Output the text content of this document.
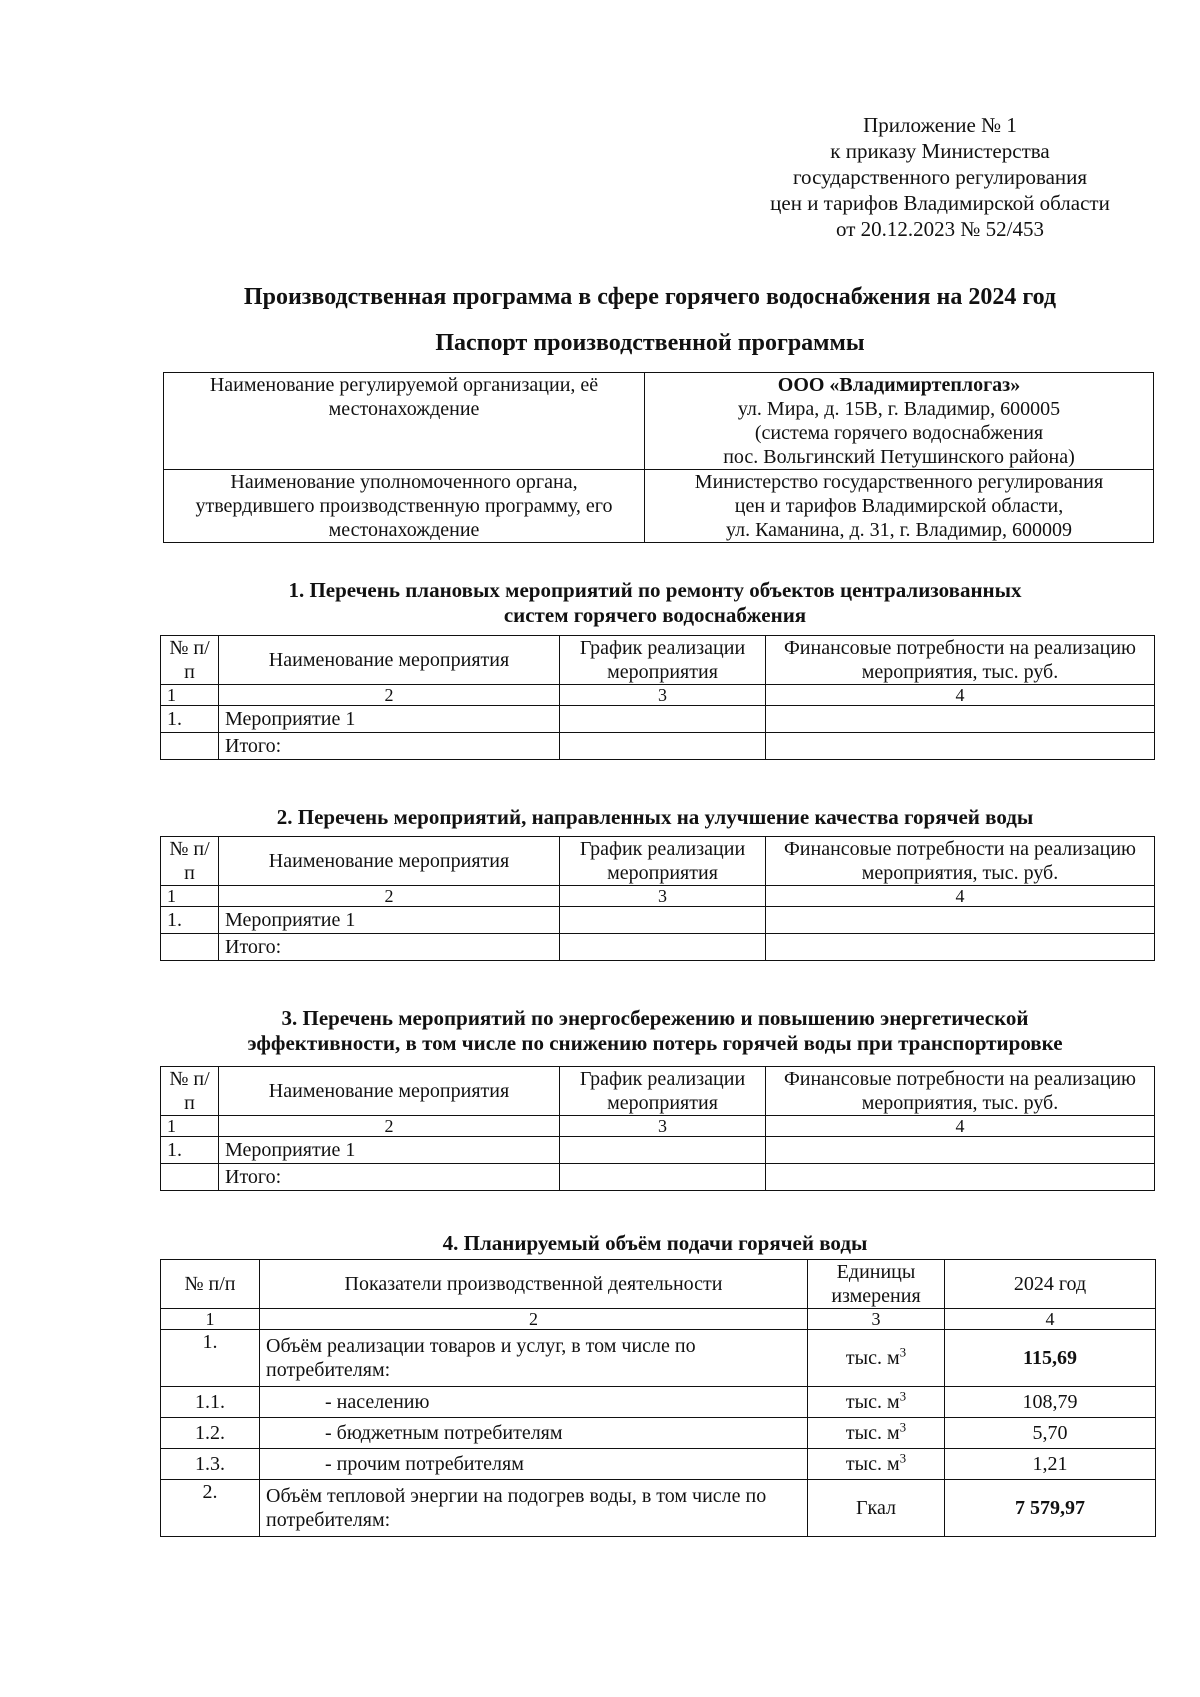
Приложение № 1
к приказу Министерства
государственного регулирования
цен и тарифов Владимирской области
от 20.12.2023 № 52/453
Производственная программа в сфере горячего водоснабжения на 2024 год
Паспорт производственной программы
Наименование регулируемой организации, её местонахождение	ООО «Владимиртеплогаз»
ул. Мира, д. 15В, г. Владимир, 600005
(система горячего водоснабжения
пос. Вольгинский Петушинского района)

Наименование уполномоченного органа, утвердившего производственную программу, его местонахождение	Министерство государственного регулирования
цен и тарифов Владимирской области,
ул. Каманина, д. 31, г. Владимир, 600009
1. Перечень плановых мероприятий по ремонту объектов централизованных
систем горячего водоснабжения
№ п/п	Наименование мероприятия	График реализации мероприятия	Финансовые потребности на реализацию мероприятия, тыс. руб.
1	2	3	4
1.	Мероприятие 1		
	Итого:		
2. Перечень мероприятий, направленных на улучшение качества горячей воды
№ п/п	Наименование мероприятия	График реализации мероприятия	Финансовые потребности на реализацию мероприятия, тыс. руб.
1	2	3	4
1.	Мероприятие 1		
	Итого:		
3. Перечень мероприятий по энергосбережению и повышению энергетической
эффективности, в том числе по снижению потерь горячей воды при транспортировке
№ п/п	Наименование мероприятия	График реализации мероприятия	Финансовые потребности на реализацию мероприятия, тыс. руб.
1	2	3	4
1.	Мероприятие 1		
	Итого:		
4. Планируемый объём подачи горячей воды
№ п/п	Показатели производственной деятельности	Единицы измерения	2024 год
1	2	3	4
1.	Объём реализации товаров и услуг, в том числе по потребителям:	тыс. $м^3$	115,69
1.1.	- населению	тыс. $м^3$	108,79
1.2.	- бюджетным потребителям	тыс. $м^3$	5,70
1.3.	- прочим потребителям	тыс. $м^3$	1,21
2.	Объём тепловой энергии на подогрев воды, в том числе по потребителям:	Гкал	7 579,97
